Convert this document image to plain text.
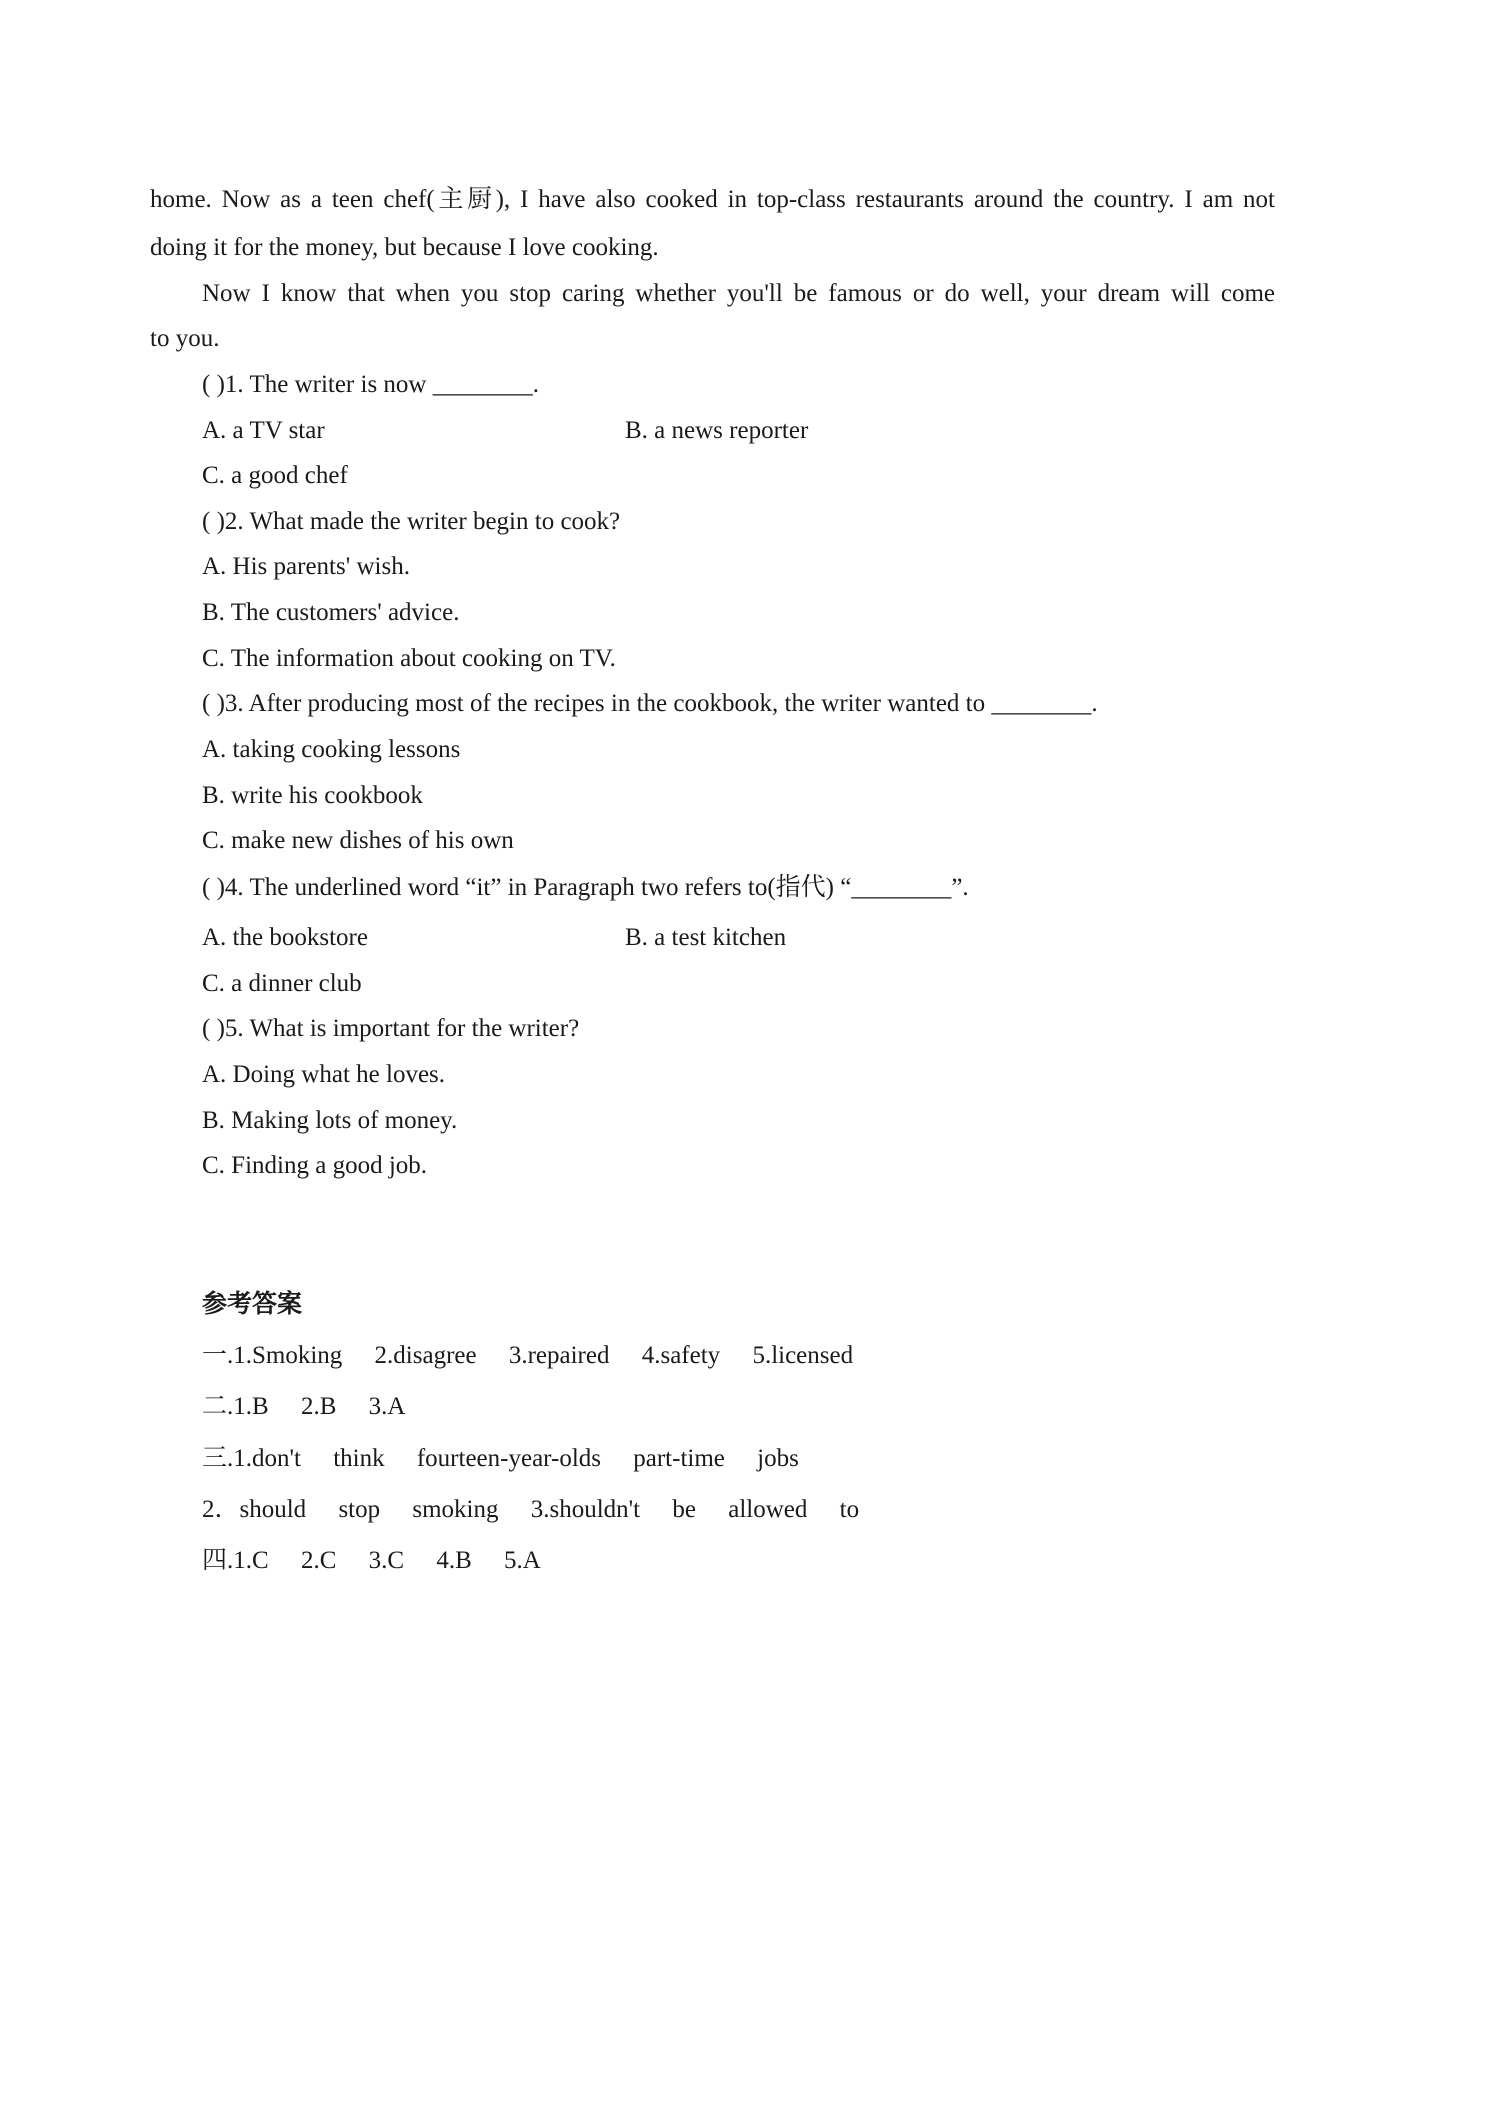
home. Now as a teen chef(主厨), I have also cooked in top-class restaurants around the country. I am not
doing it for the money, but because I love cooking.
Now I know that when you stop caring whether you'll be famous or do well, your dream will come
to you.
( )1. The writer is now ________.
A. a TV star	B. a news reporter
C. a good chef
( )2. What made the writer begin to cook?
A. His parents' wish.
B. The customers' advice.
C. The information about cooking on TV.
( )3. After producing most of the recipes in the cookbook, the writer wanted to ________.
A. taking cooking lessons
B. write his cookbook
C. make new dishes of his own
( )4. The underlined word “it” in Paragraph two refers to(指代) “________”.
A. the bookstore	B. a test kitchen
C. a dinner club
( )5. What is important for the writer?
A. Doing what he loves.
B. Making lots of money.
C. Finding a good job.
参考答案
一.1.Smoking 2.disagree 3.repaired 4.safety 5.licensed
二.1.B 2.B 3.A
三.1.don't think fourteen-year-olds part-time jobs
2．should stop smoking 3.shouldn't be allowed to
四.1.C 2.C 3.C 4.B 5.A
